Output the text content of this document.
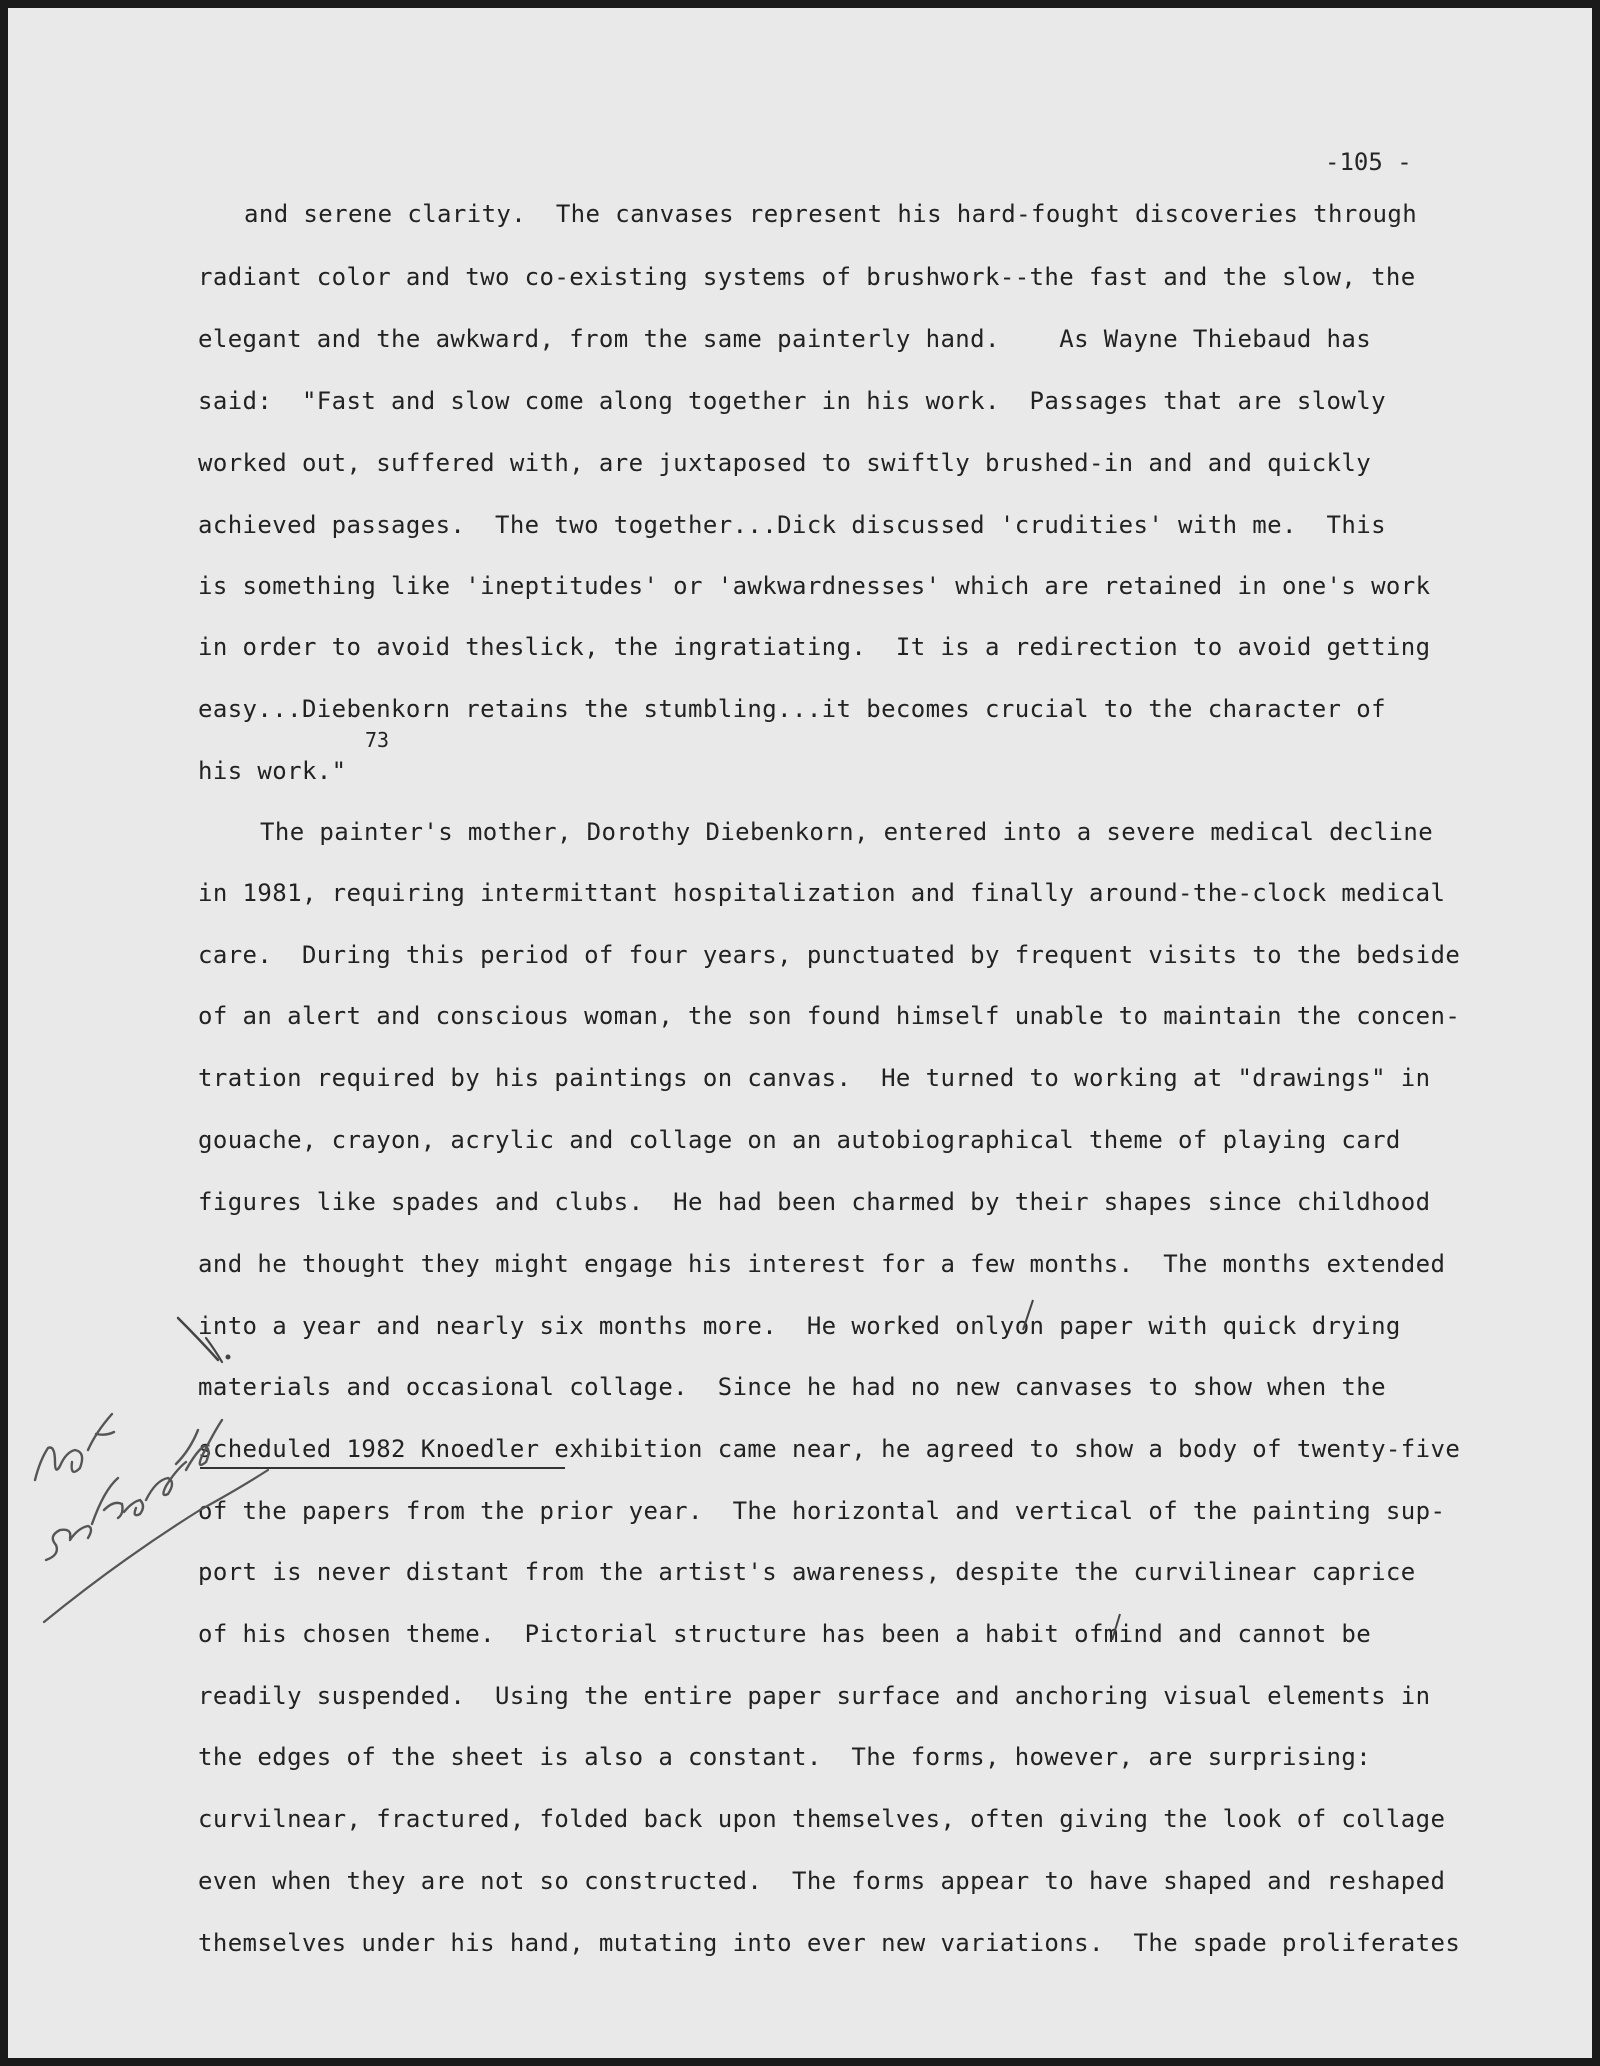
-105 -
and serene clarity.  The canvases represent his hard-fought discoveries through
radiant color and two co-existing systems of brushwork--the fast and the slow, the
elegant and the awkward, from the same painterly hand.    As Wayne Thiebaud has
said:  "Fast and slow come along together in his work.  Passages that are slowly
worked out, suffered with, are juxtaposed to swiftly brushed-in and and quickly
achieved passages.  The two together...Dick discussed 'crudities' with me.  This
is something like 'ineptitudes' or 'awkwardnesses' which are retained in one's work
in order to avoid theslick, the ingratiating.  It is a redirection to avoid getting
easy...Diebenkorn retains the stumbling...it becomes crucial to the character of
his work."
The painter's mother, Dorothy Diebenkorn, entered into a severe medical decline
in 1981, requiring intermittant hospitalization and finally around-the-clock medical
care.  During this period of four years, punctuated by frequent visits to the bedside
of an alert and conscious woman, the son found himself unable to maintain the concen-
tration required by his paintings on canvas.  He turned to working at "drawings" in
gouache, crayon, acrylic and collage on an autobiographical theme of playing card
figures like spades and clubs.  He had been charmed by their shapes since childhood
and he thought they might engage his interest for a few months.  The months extended
into a year and nearly six months more.  He worked onlyon paper with quick drying
materials and occasional collage.  Since he had no new canvases to show when the
scheduled 1982 Knoedler exhibition came near, he agreed to show a body of twenty-five
of the papers from the prior year.  The horizontal and vertical of the painting sup-
port is never distant from the artist's awareness, despite the curvilinear caprice
of his chosen theme.  Pictorial structure has been a habit ofmind and cannot be
readily suspended.  Using the entire paper surface and anchoring visual elements in
the edges of the sheet is also a constant.  The forms, however, are surprising:
curvilnear, fractured, folded back upon themselves, often giving the look of collage
even when they are not so constructed.  The forms appear to have shaped and reshaped
themselves under his hand, mutating into ever new variations.  The spade proliferates
73
